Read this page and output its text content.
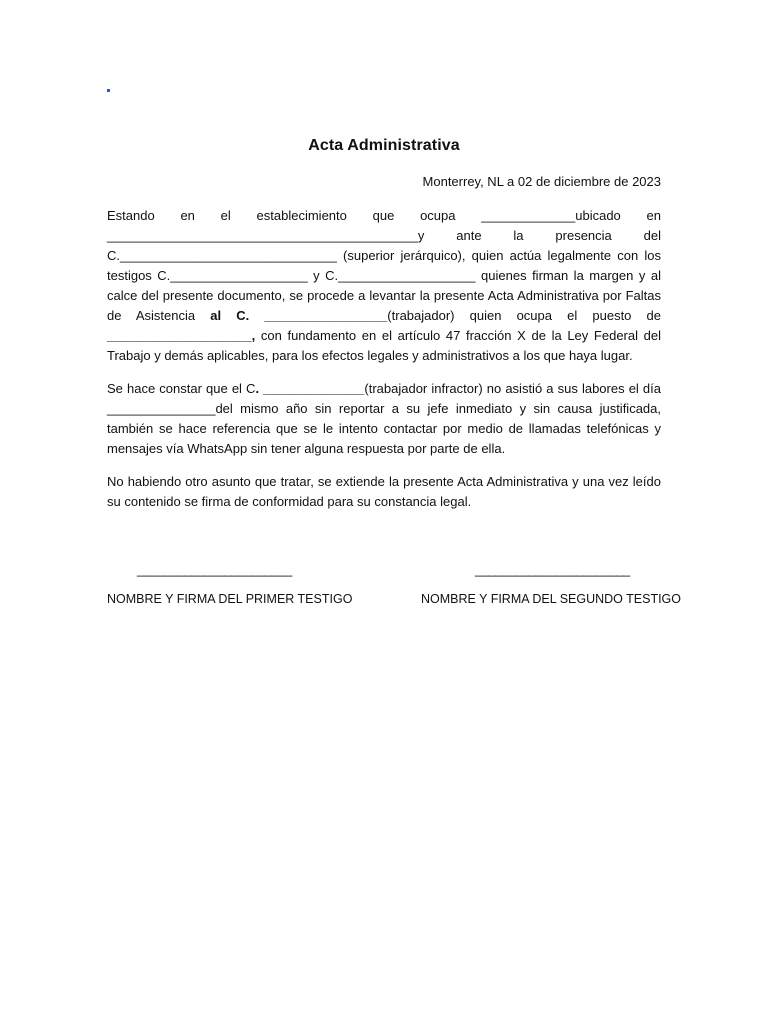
Acta Administrativa
Monterrey, NL a 02 de diciembre de 2023

Estando en el establecimiento que ocupa _____________ubicado en ___________________________________________y ante la presencia del C.______________________________ (superior jerárquico), quien actúa legalmente con los testigos C.___________________ y C.___________________ quienes firman la margen y al calce del presente documento, se procede a levantar la presente Acta Administrativa por Faltas de Asistencia al C. _________________(trabajador) quien ocupa el puesto de ____________________, con fundamento en el artículo 47 fracción X de la Ley Federal del Trabajo y demás aplicables, para los efectos legales y administrativos a los que haya lugar.

Se hace constar que el C. ______________(trabajador infractor) no asistió a sus labores el día _______________del mismo año sin reportar a su jefe inmediato y sin causa justificada, también se hace referencia que se le intento contactar por medio de llamadas telefónicas y mensajes vía WhatsApp sin tener alguna respuesta por parte de ella.

No habiendo otro asunto que tratar, se extiende la presente Acta Administrativa y una vez leído su contenido se firma de conformidad para su constancia legal.

_______________________	_______________________
NOMBRE Y FIRMA DEL PRIMER TESTIGO	NOMBRE Y FIRMA DEL SEGUNDO TESTIGO
